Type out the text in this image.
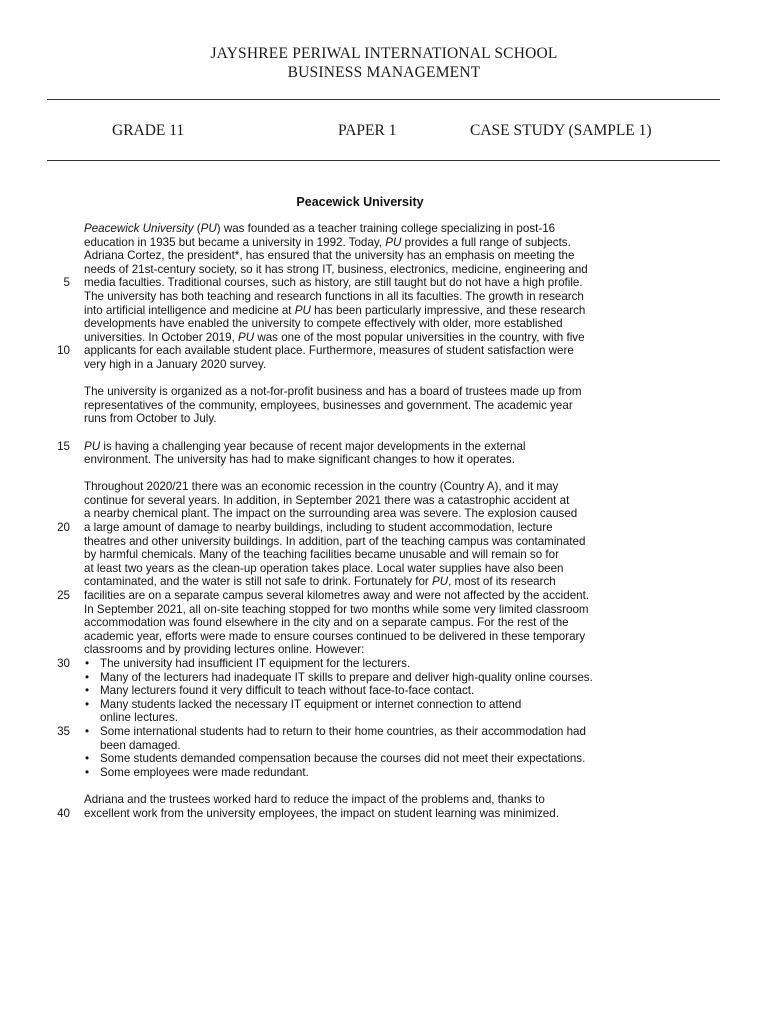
JAYSHREE PERIWAL INTERNATIONAL SCHOOL
BUSINESS MANAGEMENT
GRADE 11	PAPER 1	CASE STUDY (SAMPLE 1)
Peacewick University
Peacewick University (PU) was founded as a teacher training college specializing in post-16
education in 1935 but became a university in 1992. Today, PU provides a full range of subjects.
Adriana Cortez, the president*, has ensured that the university has an emphasis on meeting the
needs of 21st-century society, so it has strong IT, business, electronics, medicine, engineering and
media faculties. Traditional courses, such as history, are still taught but do not have a high profile.
The university has both teaching and research functions in all its faculties. The growth in research
into artificial intelligence and medicine at PU has been particularly impressive, and these research
developments have enabled the university to compete effectively with older, more established
universities. In October 2019, PU was one of the most popular universities in the country, with five
applicants for each available student place. Furthermore, measures of student satisfaction were
very high in a January 2020 survey.
The university is organized as a not-for-profit business and has a board of trustees made up from
representatives of the community, employees, businesses and government. The academic year
runs from October to July.
PU is having a challenging year because of recent major developments in the external
environment. The university has had to make significant changes to how it operates.
Throughout 2020/21 there was an economic recession in the country (Country A), and it may
continue for several years. In addition, in September 2021 there was a catastrophic accident at
a nearby chemical plant. The impact on the surrounding area was severe. The explosion caused
a large amount of damage to nearby buildings, including to student accommodation, lecture
theatres and other university buildings. In addition, part of the teaching campus was contaminated
by harmful chemicals. Many of the teaching facilities became unusable and will remain so for
at least two years as the clean-up operation takes place. Local water supplies have also been
contaminated, and the water is still not safe to drink. Fortunately for PU, most of its research
facilities are on a separate campus several kilometres away and were not affected by the accident.
In September 2021, all on-site teaching stopped for two months while some very limited classroom
accommodation was found elsewhere in the city and on a separate campus. For the rest of the
academic year, efforts were made to ensure courses continued to be delivered in these temporary
classrooms and by providing lectures online. However:
• The university had insufficient IT equipment for the lecturers.
• Many of the lecturers had inadequate IT skills to prepare and deliver high-quality online courses.
• Many lecturers found it very difficult to teach without face-to-face contact.
• Many students lacked the necessary IT equipment or internet connection to attend
online lectures.
• Some international students had to return to their home countries, as their accommodation had
been damaged.
• Some students demanded compensation because the courses did not meet their expectations.
• Some employees were made redundant.
Adriana and the trustees worked hard to reduce the impact of the problems and, thanks to
excellent work from the university employees, the impact on student learning was minimized.
5
10
15
20
25
30
35
40
